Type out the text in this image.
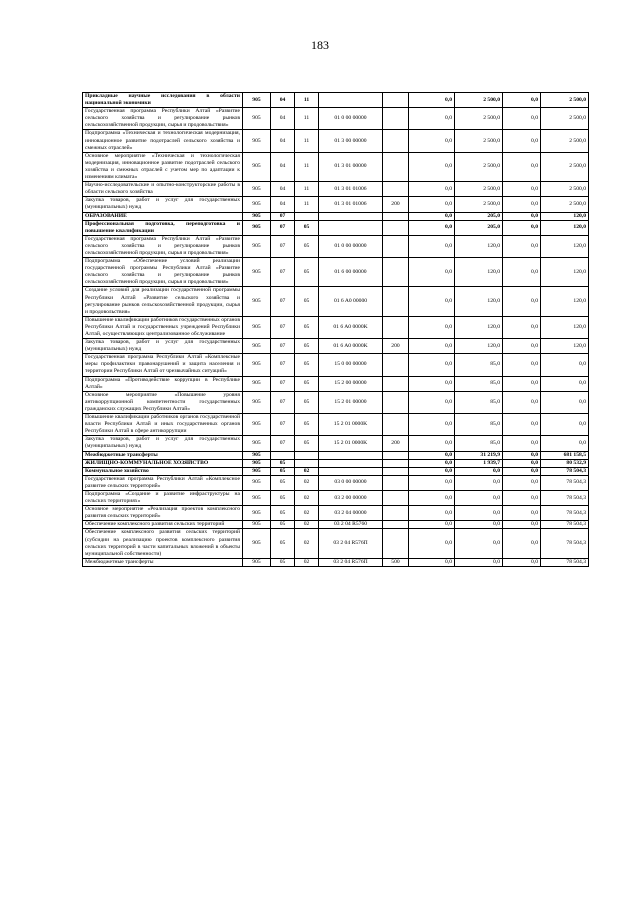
183
Прикладные научные исследования в области национальной экономики	905	04	11			0,0	2 500,0	0,0	2 500,0
Государственная программа Республики Алтай «Развитие сельского хозяйства и регулирование рынков сельскохозяйственной продукции, сырья и продовольствия»	905	04	11	01 0 00 00000		0,0	2 500,0	0,0	2 500,0
Подпрограмма «Техническая и технологическая модернизация, инновационное развитие подотраслей сельского хозяйства и смежных отраслей»	905	04	11	01 3 00 00000		0,0	2 500,0	0,0	2 500,0
Основное мероприятие «Техническая и технологическая модернизация, инновационное развитие подотраслей сельского хозяйства и смежных отраслей с учетом мер по адаптации к изменениям климата»	905	04	11	01 3 01 00000		0,0	2 500,0	0,0	2 500,0
Научно-исследовательские и опытно-конструкторские работы в области сельского хозяйства	905	04	11	01 3 01 01006		0,0	2 500,0	0,0	2 500,0
Закупка товаров, работ и услуг для государственных (муниципальных) нужд	905	04	11	01 3 01 01006	200	0,0	2 500,0	0,0	2 500,0
ОБРАЗОВАНИЕ	905	07				0,0	205,0	0,0	120,0
Профессиональная подготовка, переподготовка и повышение квалификации	905	07	05			0,0	205,0	0,0	120,0
Государственная программа Республики Алтай «Развитие сельского хозяйства и регулирование рынков сельскохозяйственной продукции, сырья и продовольствия»	905	07	05	01 0 00 00000		0,0	120,0	0,0	120,0
Подпрограмма «Обеспечение условий реализации государственной программы Республики Алтай «Развитие сельского хозяйства и регулирование рынков сельскохозяйственной продукции, сырья и продовольствия»	905	07	05	01 6 00 00000		0,0	120,0	0,0	120,0
Создание условий для реализации государственной программы Республики Алтай «Развитие сельского хозяйства и регулирование рынков сельскохозяйственной продукции, сырья и продовольствия»	905	07	05	01 6 A0 00000		0,0	120,0	0,0	120,0
Повышение квалификации работников государственных органов Республики Алтай и государственных учреждений Республики Алтай, осуществляющих централизованное обслуживание	905	07	05	01 6 A0 0000K		0,0	120,0	0,0	120,0
Закупка товаров, работ и услуг для государственных (муниципальных) нужд	905	07	05	01 6 A0 0000K	200	0,0	120,0	0,0	120,0
Государственная программа Республики Алтай «Комплексные меры профилактики правонарушений и защита населения и территории Республики Алтай от чрезвычайных ситуаций»	905	07	05	15 0 00 00000		0,0	85,0	0,0	0,0
Подпрограмма «Противодействие коррупции в Республике Алтай»	905	07	05	15 2 00 00000		0,0	85,0	0,0	0,0
Основное мероприятие «Повышение уровня антикоррупционной компетентности государственных гражданских служащих Республики Алтай»	905	07	05	15 2 01 00000		0,0	85,0	0,0	0,0
Повышение квалификации работников органов государственной власти Республики Алтай и иных государственных органов Республики Алтай в сфере антикоррупции	905	07	05	15 2 01 0000K		0,0	85,0	0,0	0,0
Закупка товаров, работ и услуг для государственных (муниципальных) нужд	905	07	05	15 2 01 0000K	200	0,0	85,0	0,0	0,0
Межбюджетные трансферты	905					0,0	31 219,9	0,0	681 158,5
ЖИЛИЩНО-КОММУНАЛЬНОЕ ХОЗЯЙСТВО	905	05				0,0	1 939,7	0,0	80 532,9
Коммунальное хозяйство	905	05	02			0,0	0,0	0,0	78 504,3
Государственная программа Республики Алтай «Комплексное развитие сельских территорий»	905	05	02	03 0 00 00000		0,0	0,0	0,0	78 504,3
Подпрограмма «Создание и развитие инфраструктуры на сельских территориях»	905	05	02	03 2 00 00000		0,0	0,0	0,0	78 504,3
Основное мероприятие «Реализация проектов комплексного развития сельских территорий»	905	05	02	03 2 04 00000		0,0	0,0	0,0	78 504,3
Обеспечение комплексного развития сельских территорий	905	05	02	03 2 04 R5760		0,0	0,0	0,0	78 504,3
Обеспечение комплексного развития сельских территорий (субсидии на реализацию проектов комплексного развития сельских территорий в части капитальных вложений в объекты муниципальной собственности)	905	05	02	03 2 04 R576П		0,0	0,0	0,0	78 504,3
Межбюджетные трансферты	905	05	02	03 2 04 R576П	500	0,0	0,0	0,0	78 504,3
